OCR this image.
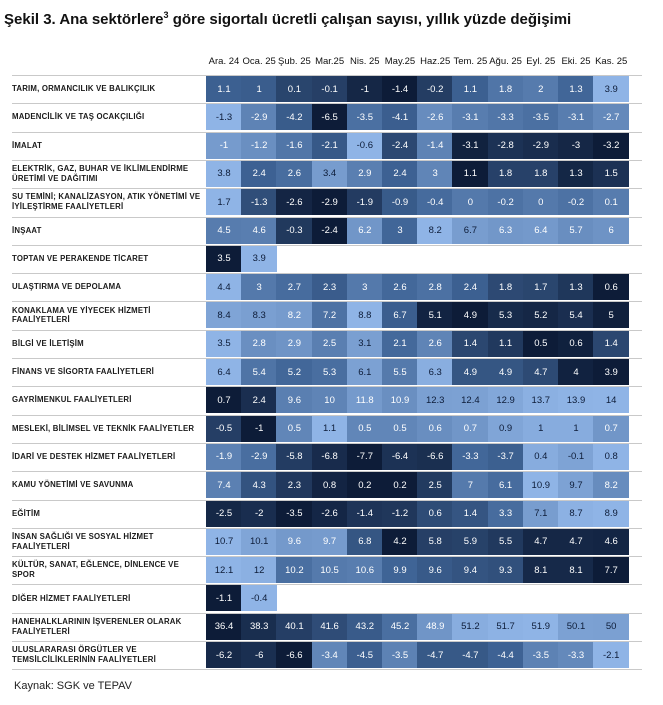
Şekil 3. Ana sektörlere$^3$ göre sigortalı ücretli çalışan sayısı, yıllık yüzde değişimi
TARIM, ORMANCILIK VE BALIKÇILIK	1.1	1	0.1	-0.1	-1	-1.4	-0.2	1.1	1.8	2	1.3	3.9
MADENCİLİK VE TAŞ OCAKÇILIĞI	-1.3	-2.9	-4.2	-6.5	-3.5	-4.1	-2.6	-3.1	-3.3	-3.5	-3.1	-2.7
İMALAT	-1	-1.2	-1.6	-2.1	-0.6	-2.4	-1.4	-3.1	-2.8	-2.9	-3	-3.2
ELEKTRİK, GAZ, BUHAR VE İKLİMLENDİRME ÜRETİMİ VE DAĞITIMI	3.8	2.4	2.6	3.4	2.9	2.4	3	1.1	1.8	1.8	1.3	1.5
SU TEMİNİ; KANALİZASYON, ATIK YÖNETİMİ VE İYİLEŞTİRME FAALİYETLERİ	1.7	-1.3	-2.6	-2.9	-1.9	-0.9	-0.4	0	-0.2	0	-0.2	0.1
İNŞAAT	4.5	4.6	-0.3	-2.4	6.2	3	8.2	6.7	6.3	6.4	5.7	6
TOPTAN VE PERAKENDE TİCARET	3.5	3.9
ULAŞTIRMA VE DEPOLAMA	4.4	3	2.7	2.3	3	2.6	2.8	2.4	1.8	1.7	1.3	0.6
KONAKLAMA VE YİYECEK HİZMETİ FAALİYETLERİ	8.4	8.3	8.2	7.2	8.8	6.7	5.1	4.9	5.3	5.2	5.4	5
BİLGİ VE İLETİŞİM	3.5	2.8	2.9	2.5	3.1	2.1	2.6	1.4	1.1	0.5	0.6	1.4
FİNANS VE SİGORTA FAALİYETLERİ	6.4	5.4	5.2	5.3	6.1	5.5	6.3	4.9	4.9	4.7	4	3.9
GAYRİMENKUL FAALİYETLERİ	0.7	2.4	9.6	10	11.8	10.9	12.3	12.4	12.9	13.7	13.9	14
MESLEKİ, BİLİMSEL VE TEKNİK FAALİYETLER	-0.5	-1	0.5	1.1	0.5	0.5	0.6	0.7	0.9	1	1	0.7
İDARİ VE DESTEK HİZMET FAALİYETLERİ	-1.9	-2.9	-5.8	-6.8	-7.7	-6.4	-6.6	-3.3	-3.7	0.4	-0.1	0.8
KAMU YÖNETİMİ VE SAVUNMA	7.4	4.3	2.3	0.8	0.2	0.2	2.5	7	6.1	10.9	9.7	8.2
EĞİTİM	-2.5	-2	-3.5	-2.6	-1.4	-1.2	0.6	1.4	3.3	7.1	8.7	8.9
İNSAN SAĞLIĞI VE SOSYAL HİZMET FAALİYETLERİ	10.7	10.1	9.6	9.7	6.8	4.2	5.8	5.9	5.5	4.7	4.7	4.6
KÜLTÜR, SANAT, EĞLENCE, DİNLENCE VE SPOR	12.1	12	10.2	10.5	10.6	9.9	9.6	9.4	9.3	8.1	8.1	7.7
DİĞER HİZMET FAALİYETLERİ	-1.1	-0.4
HANEHALKLARININ İŞVERENLER OLARAK FAALİYETLERİ	36.4	38.3	40.1	41.6	43.2	45.2	48.9	51.2	51.7	51.9	50.1	50
ULUSLARARASI ÖRGÜTLER VE TEMSİLCİLİKLERİNİN FAALİYETLERİ	-6.2	-6	-6.6	-3.4	-4.5	-3.5	-4.7	-4.7	-4.4	-3.5	-3.3	-2.1
Ara. 24 Oca. 25 Şub. 25 Mar.25 Nis. 25 May.25 Haz.25 Tem. 25 Ağu. 25 Eyl. 25 Eki. 25 Kas. 25
Kaynak: SGK ve TEPAV
